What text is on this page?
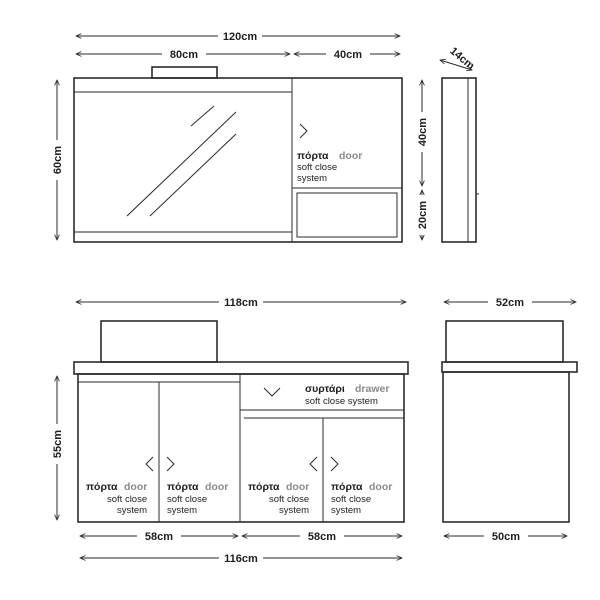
πόρτα door
soft close
system
120cm
80cm	40cm
60cm
40cm
20cm
14cm
συρτάρι drawer
soft close system
πόρτα door
soft close
system
πόρτα door
soft close
system
πόρτα door
soft close
system
πόρτα door
soft close
system
118cm
55cm
58cm	58cm
116cm
52cm
50cm
